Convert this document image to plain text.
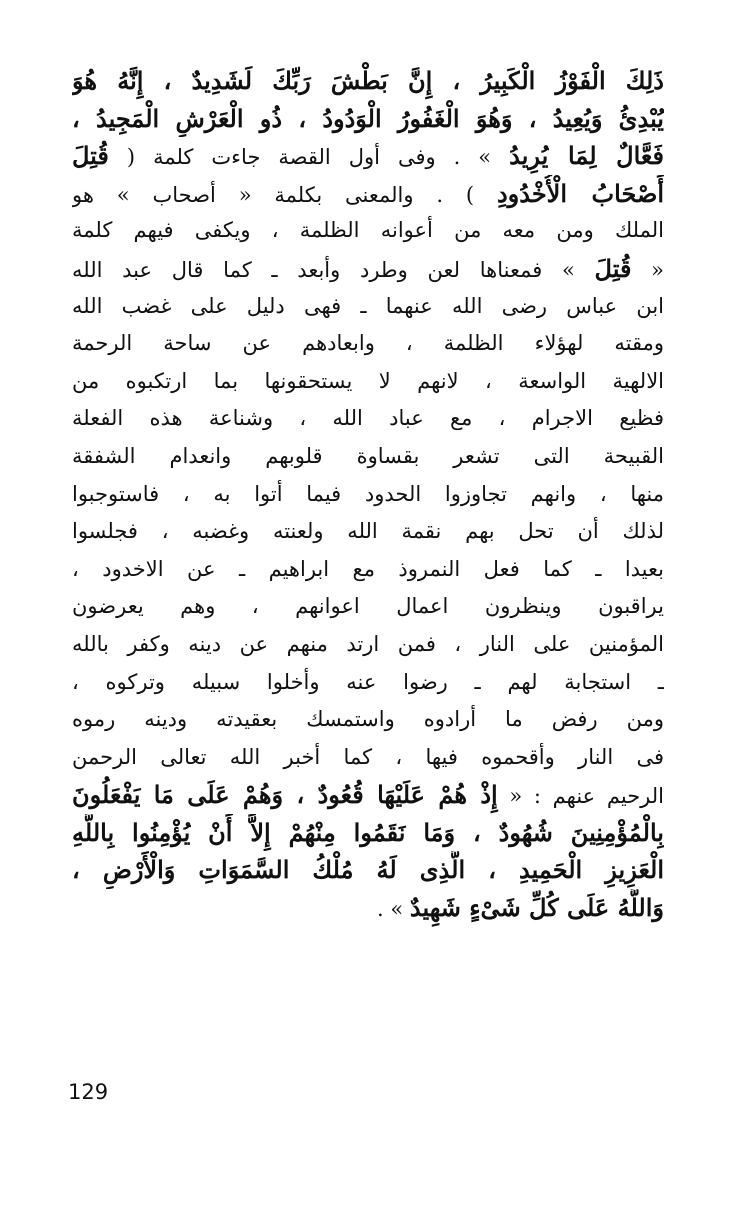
ذَلِكَ الْفَوْزُ الْكَبِيرُ ، إِنَّ بَطْشَ رَبِّكَ لَشَدِيدٌ ، إِنَّهُ هُوَ
يُبْدِئُ وَيُعِيدُ ، وَهُوَ الْغَفُورُ الْوَدُودُ ، ذُو الْعَرْشِ الْمَجِيدُ ،
فَعَّالٌ لِمَا يُرِيدُ » . وفى أول القصة جاءت كلمة ( قُتِلَ
أَصْحَابُ الْأُخْدُودِ ) . والمعنى بكلمة « أصحاب » هو
الملك ومن معه من أعوانه الظلمة ، ويكفى فيهم كلمة
« قُتِلَ » فمعناها لعن وطرد وأبعد ـ كما قال عبد الله
ابن عباس رضى الله عنهما ـ فهى دليل على غضب الله
ومقته لهؤلاء الظلمة ، وابعادهم عن ساحة الرحمة
الالهية الواسعة ، لانهم لا يستحقونها بما ارتكبوه من
فظيع الاجرام ، مع عباد الله ، وشناعة هذه الفعلة
القبيحة التى تشعر بقساوة قلوبهم وانعدام الشفقة
منها ، وانهم تجاوزوا الحدود فيما أتوا به ، فاستوجبوا
لذلك أن تحل بهم نقمة الله ولعنته وغضبه ، فجلسوا
بعيدا ـ كما فعل النمروذ مع ابراهيم ـ عن الاخدود ،
يراقبون وينظرون اعمال اعوانهم ، وهم يعرضون
المؤمنين على النار ، فمن ارتد منهم عن دينه وكفر بالله
ـ استجابة لهم ـ رضوا عنه وأخلوا سبيله وتركوه ،
ومن رفض ما أرادوه واستمسك بعقيدته ودينه رموه
فى النار وأقحموه فيها ، كما أخبر الله تعالى الرحمن
الرحيم عنهم : « إِذْ هُمْ عَلَيْهَا قُعُودٌ ، وَهُمْ عَلَى مَا يَفْعَلُونَ
بِالْمُؤْمِنِينَ شُهُودٌ ، وَمَا نَقَمُوا مِنْهُمْ إِلاَّ أَنْ يُؤْمِنُوا بِاللَّهِ
الْعَزِيزِ الْحَمِيدِ ، الَّذِى لَهُ مُلْكُ السَّمَوَاتِ وَالْأَرْضِ ،
وَاللَّهُ عَلَى كُلِّ شَىْءٍ شَهِيدٌ » .
129
